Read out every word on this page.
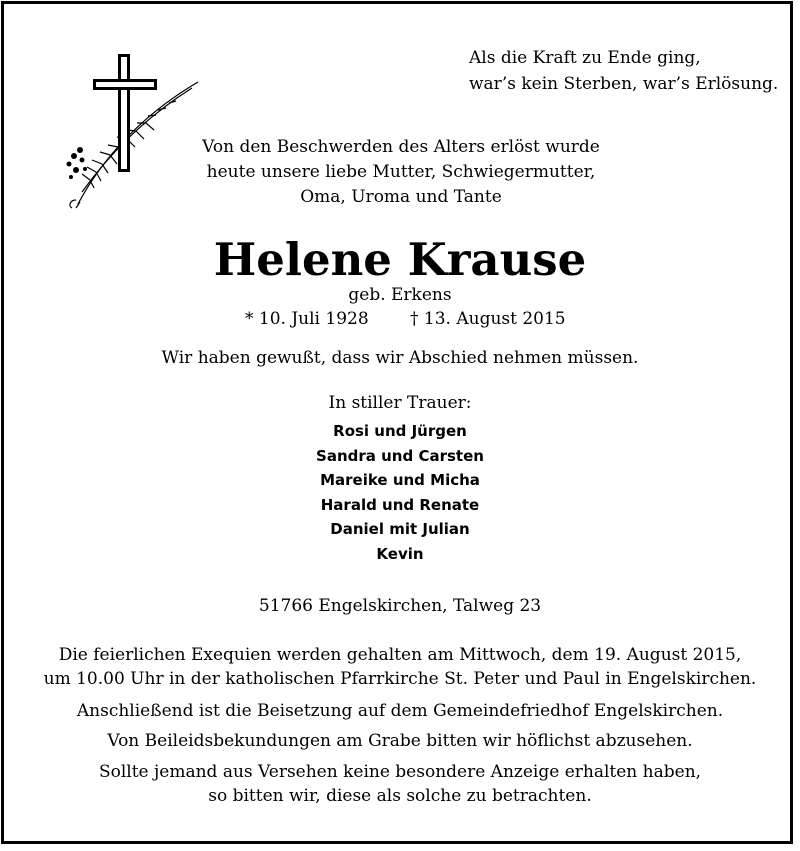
Als die Kraft zu Ende ging,
war’s kein Sterben, war’s Erlösung.
Von den Beschwerden des Alters erlöst wurde
heute unsere liebe Mutter, Schwiegermutter,
Oma, Uroma und Tante
Helene Krause
geb. Erkens
* 10. Juli 1928 † 13. August 2015
Wir haben gewußt, dass wir Abschied nehmen müssen.
In stiller Trauer:
Rosi und Jürgen
Sandra und Carsten
Mareike und Micha
Harald und Renate
Daniel mit Julian
Kevin
51766 Engelskirchen, Talweg 23
Die feierlichen Exequien werden gehalten am Mittwoch, dem 19. August 2015,
um 10.00 Uhr in der katholischen Pfarrkirche St. Peter und Paul in Engelskirchen.
Anschließend ist die Beisetzung auf dem Gemeindefriedhof Engelskirchen.
Von Beileidsbekundungen am Grabe bitten wir höflichst abzusehen.
Sollte jemand aus Versehen keine besondere Anzeige erhalten haben,
so bitten wir, diese als solche zu betrachten.
